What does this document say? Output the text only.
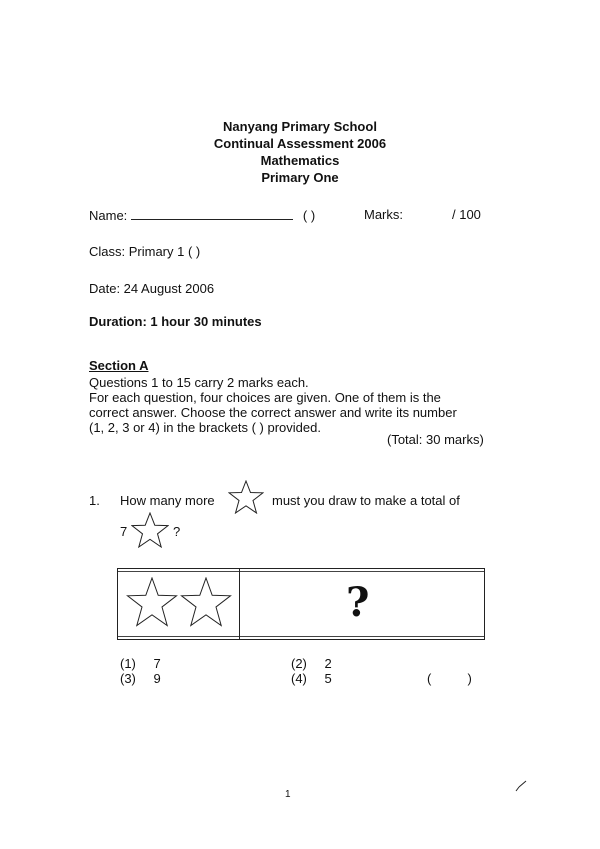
Nanyang Primary School
Continual Assessment 2006
Mathematics
Primary One
Name:	( )	Marks:	/ 100
Class: Primary 1 ( )
Date: 24 August 2006
Duration: 1 hour 30 minutes
Section A
Questions 1 to 15 carry 2 marks each.
For each question, four choices are given. One of them is the
correct answer. Choose the correct answer and write its number
(1, 2, 3 or 4) in the brackets ( ) provided.
(Total: 30 marks)
1. How many more	must you draw to make a total of
7	?
?
(1) 7	(2) 2
(3) 9	(4) 5	(          )
1
